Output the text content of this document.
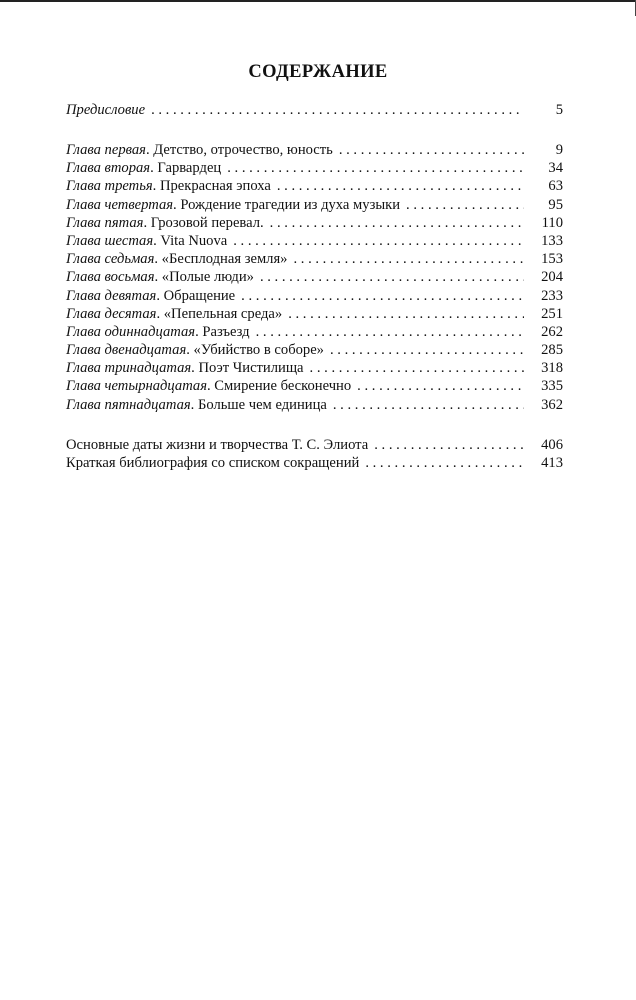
СОДЕРЖАНИЕ
Предисловие . . .	5
Глава первая. Детство, отрочество, юность . . .	9
Глава вторая. Гарвардец . . .	34
Глава третья. Прекрасная эпоха . . .	63
Глава четвертая. Рождение трагедии из духа музыки . . .	95
Глава пятая. Грозовой перевал. . . .	110
Глава шестая. Vita Nuova . . .	133
Глава седьмая. «Бесплодная земля» . . .	153
Глава восьмая. «Полые люди» . . .	204
Глава девятая. Обращение . . .	233
Глава десятая. «Пепельная среда» . . .	251
Глава одиннадцатая. Разъезд . . .	262
Глава двенадцатая. «Убийство в соборе» . . .	285
Глава тринадцатая. Поэт Чистилища . . .	318
Глава четырнадцатая. Смирение бесконечно . . .	335
Глава пятнадцатая. Больше чем единица . . .	362
Основные даты жизни и творчества Т. С. Элиота . . .	406
Краткая библиография со списком сокращений . . .	413
